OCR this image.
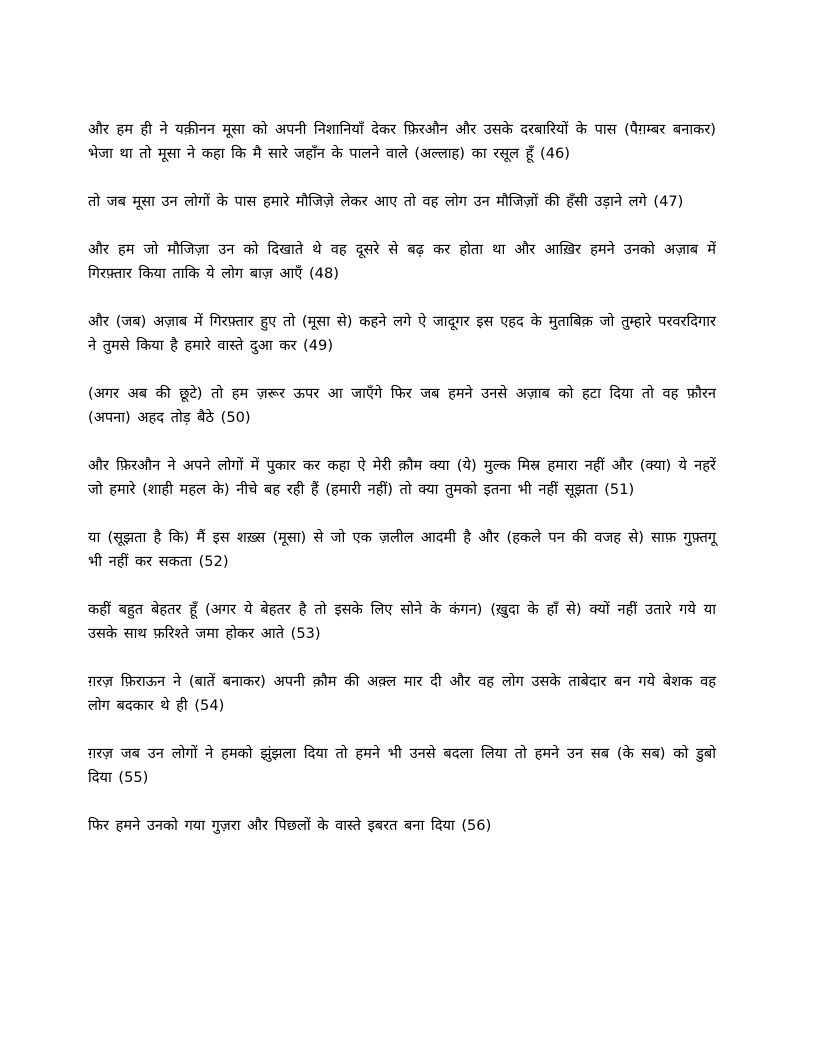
और हम ही ने यक़ीनन मूसा को अपनी निशानियाँ देकर फ़िरऔन और उसके दरबारियों के पास (पैग़म्बर बनाकर) भेजा था तो मूसा ने कहा कि मै सारे जहाँन के पालने वाले (अल्लाह) का रसूल हूँ (46)

तो जब मूसा उन लोगों के पास हमारे मौजिज़े लेकर आए तो वह लोग उन मौजिज़ों की हँसी उड़ाने लगे (47)

और हम जो मौजिज़ा उन को दिखाते थे वह दूसरे से बढ़ कर होता था और आख़िर हमने उनको अज़ाब में गिरफ़्तार किया ताकि ये लोग बाज़ आएँ (48)

और (जब) अज़ाब में गिरफ़्तार हुए तो (मूसा से) कहने लगे ऐ जादूगर इस एहद के मुताबिक़ जो तुम्हारे परवरदिगार ने तुमसे किया है हमारे वास्ते दुआ कर (49)

(अगर अब की छूटे) तो हम ज़रूर ऊपर आ जाएँगे फिर जब हमने उनसे अज़ाब को हटा दिया तो वह फ़ौरन (अपना) अहद तोड़ बैठे (50)

और फ़िरऔन ने अपने लोगों में पुकार कर कहा ऐ मेरी क़ौम क्या (ये) मुल्क मिस्र हमारा नहीं और (क्या) ये नहरें जो हमारे (शाही महल के) नीचे बह रही हैं (हमारी नहीं) तो क्या तुमको इतना भी नहीं सूझता (51)

या (सूझता है कि) मैं इस शख़्स (मूसा) से जो एक ज़लील आदमी है और (हकले पन की वजह से) साफ़ गुफ़्तगू भी नहीं कर सकता (52)

कहीं बहुत बेहतर हूँ (अगर ये बेहतर है तो इसके लिए सोने के कंगन) (ख़ुदा के हाँ से) क्यों नहीं उतारे गये या उसके साथ फ़रिश्ते जमा होकर आते (53)

ग़रज़ फ़िराऊन ने (बातें बनाकर) अपनी क़ौम की अक़्ल मार दी और वह लोग उसके ताबेदार बन गये बेशक वह लोग बदकार थे ही (54)

ग़रज़ जब उन लोगों ने हमको झुंझला दिया तो हमने भी उनसे बदला लिया तो हमने उन सब (के सब) को डुबो दिया (55)

फिर हमने उनको गया गुज़रा और पिछलों के वास्ते इबरत बना दिया (56)
